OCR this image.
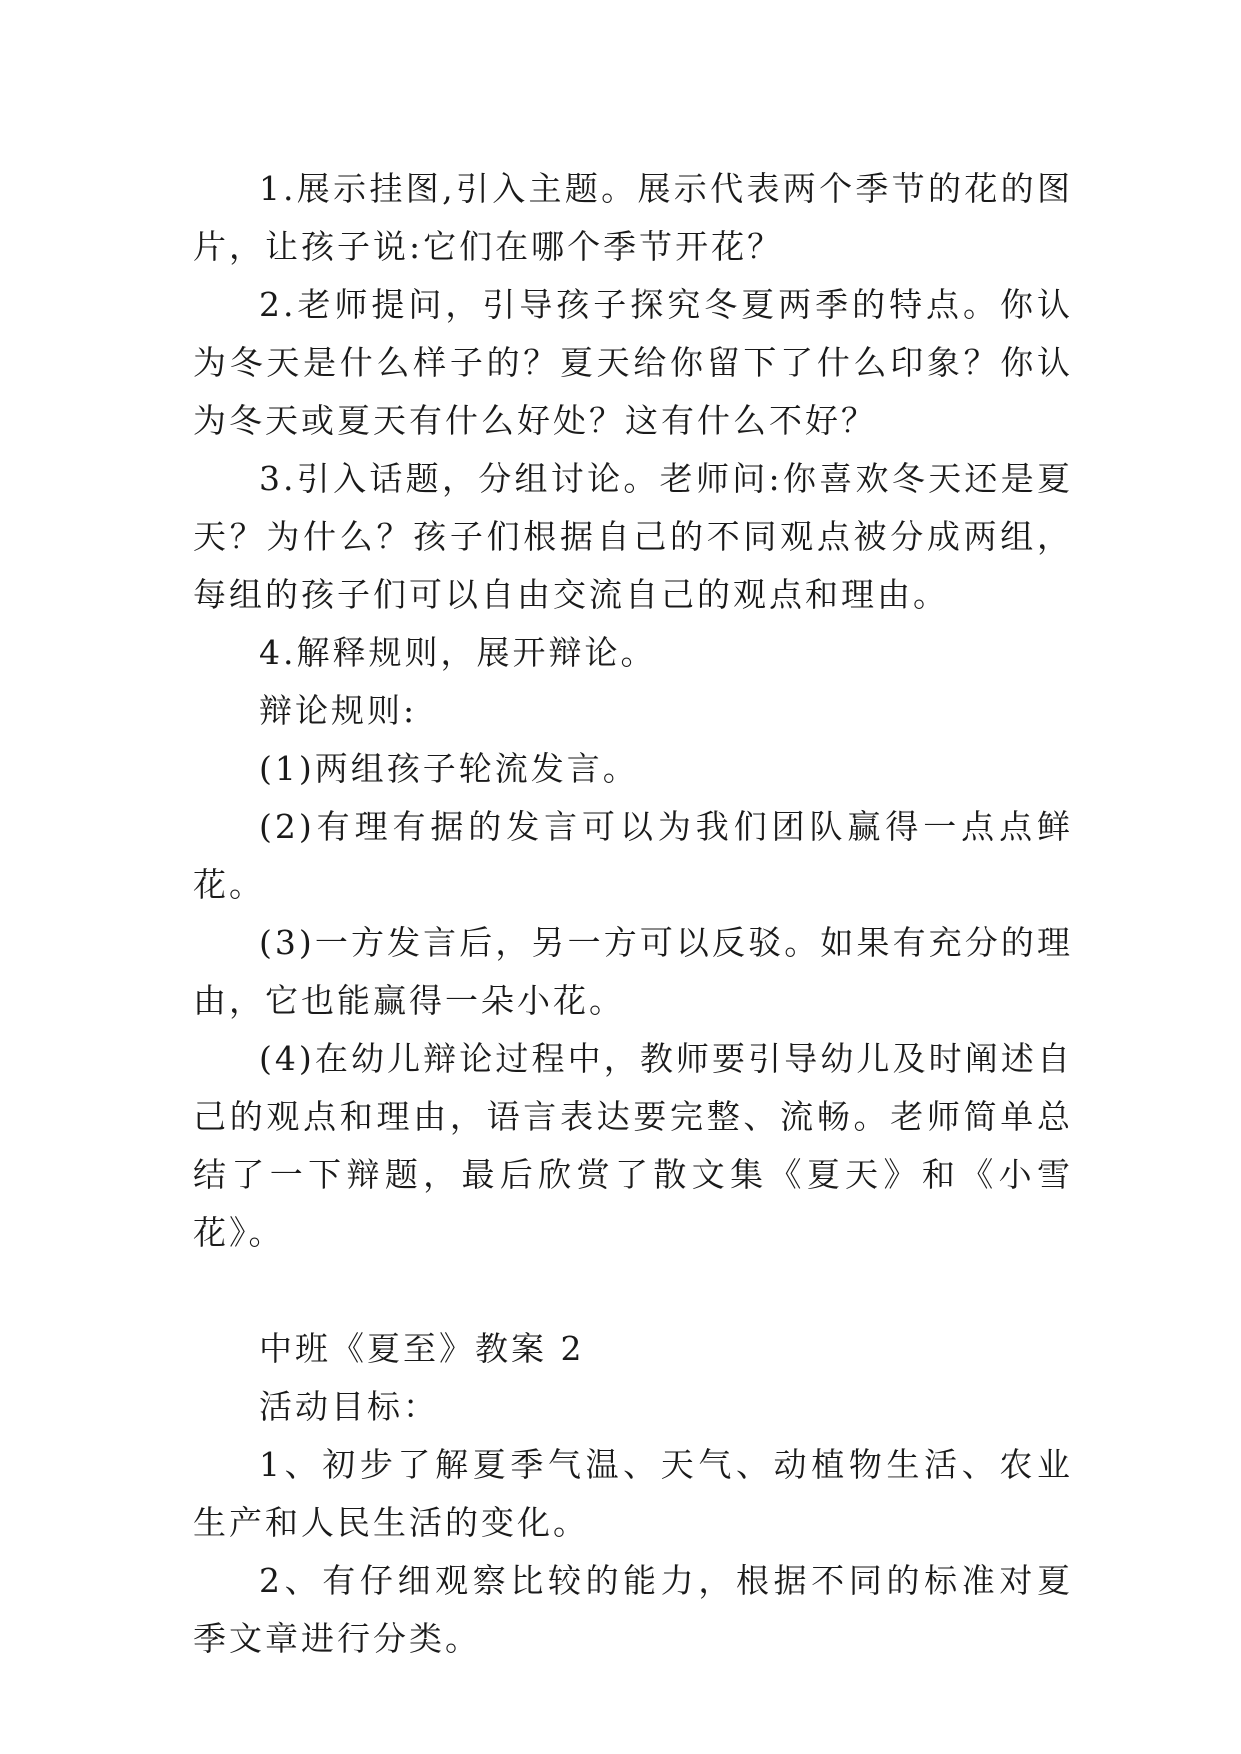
1.展示挂图,引入主题。展示代表两个季节的花的图片，让孩子说:它们在哪个季节开花？

2.老师提问，引导孩子探究冬夏两季的特点。你认为冬天是什么样子的？夏天给你留下了什么印象？你认为冬天或夏天有什么好处？这有什么不好？

3.引入话题，分组讨论。老师问:你喜欢冬天还是夏天？为什么？孩子们根据自己的不同观点被分成两组，每组的孩子们可以自由交流自己的观点和理由。

4.解释规则，展开辩论。

辩论规则:

(1)两组孩子轮流发言。

(2)有理有据的发言可以为我们团队赢得一点点鲜花。

(3)一方发言后，另一方可以反驳。如果有充分的理由，它也能赢得一朵小花。

(4)在幼儿辩论过程中，教师要引导幼儿及时阐述自己的观点和理由，语言表达要完整、流畅。老师简单总结了一下辩题，最后欣赏了散文集《夏天》和《小雪花》。

中班《夏至》教案 2

活动目标：

1、初步了解夏季气温、天气、动植物生活、农业生产和人民生活的变化。

2、有仔细观察比较的能力，根据不同的标准对夏季文章进行分类。
